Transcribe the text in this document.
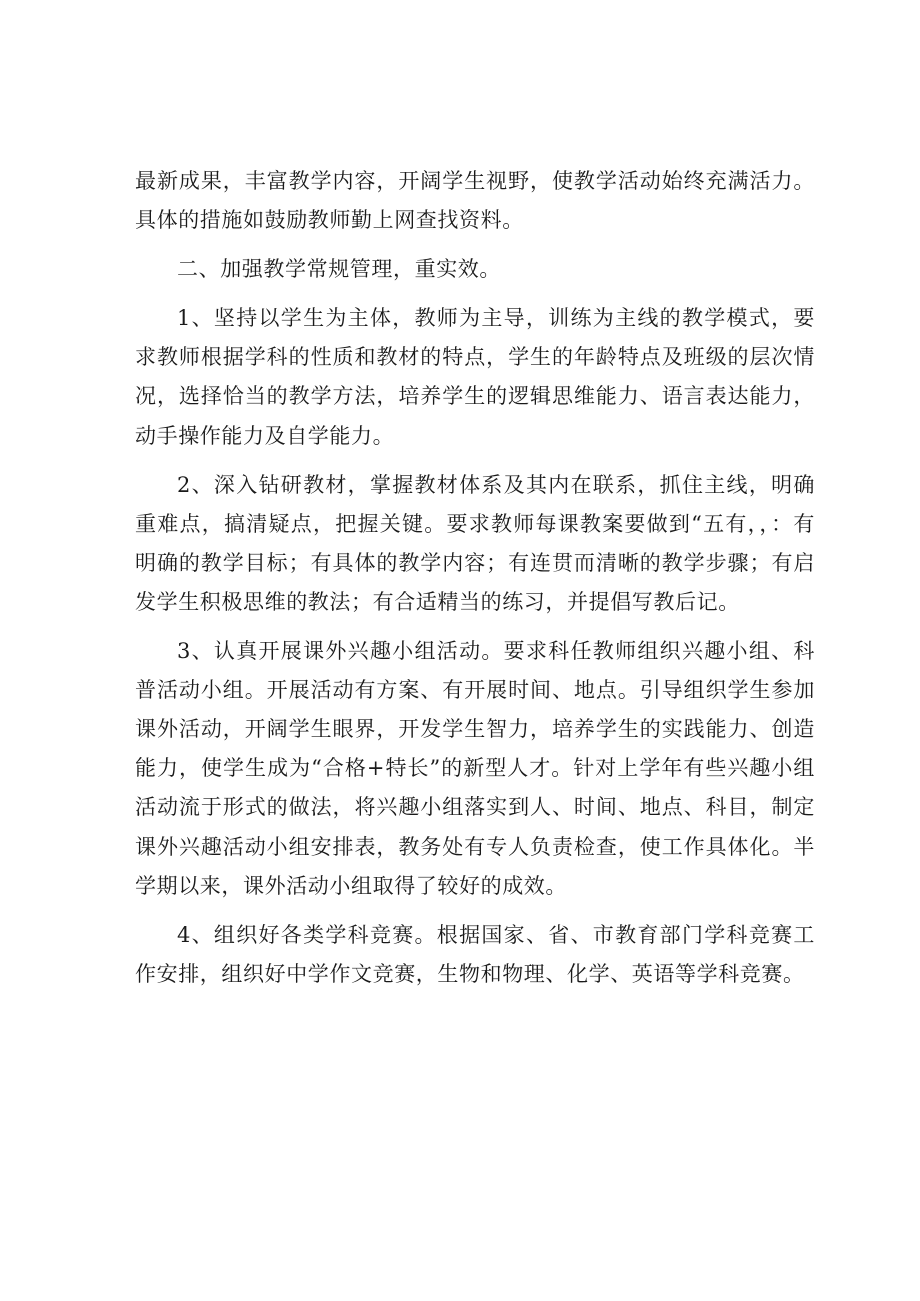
最新成果，丰富教学内容，开阔学生视野，使教学活动始终充满活力。具体的措施如鼓励教师勤上网查找资料。

二、加强教学常规管理，重实效。

1、坚持以学生为主体，教师为主导，训练为主线的教学模式，要求教师根据学科的性质和教材的特点，学生的年龄特点及班级的层次情况，选择恰当的教学方法，培养学生的逻辑思维能力、语言表达能力，动手操作能力及自学能力。

2、深入钻研教材，掌握教材体系及其内在联系，抓住主线，明确重难点，搞清疑点，把握关键。要求教师每课教案要做到“五有，，：有明确的教学目标；有具体的教学内容；有连贯而清晰的教学步骤；有启发学生积极思维的教法；有合适精当的练习，并提倡写教后记。

3、认真开展课外兴趣小组活动。要求科任教师组织兴趣小组、科普活动小组。开展活动有方案、有开展时间、地点。引导组织学生参加课外活动，开阔学生眼界，开发学生智力，培养学生的实践能力、创造能力，使学生成为“合格+特长”的新型人才。针对上学年有些兴趣小组活动流于形式的做法，将兴趣小组落实到人、时间、地点、科目，制定课外兴趣活动小组安排表，教务处有专人负责检查，使工作具体化。半学期以来，课外活动小组取得了较好的成效。

4、组织好各类学科竞赛。根据国家、省、市教育部门学科竞赛工作安排，组织好中学作文竞赛，生物和物理、化学、英语等学科竞赛。
